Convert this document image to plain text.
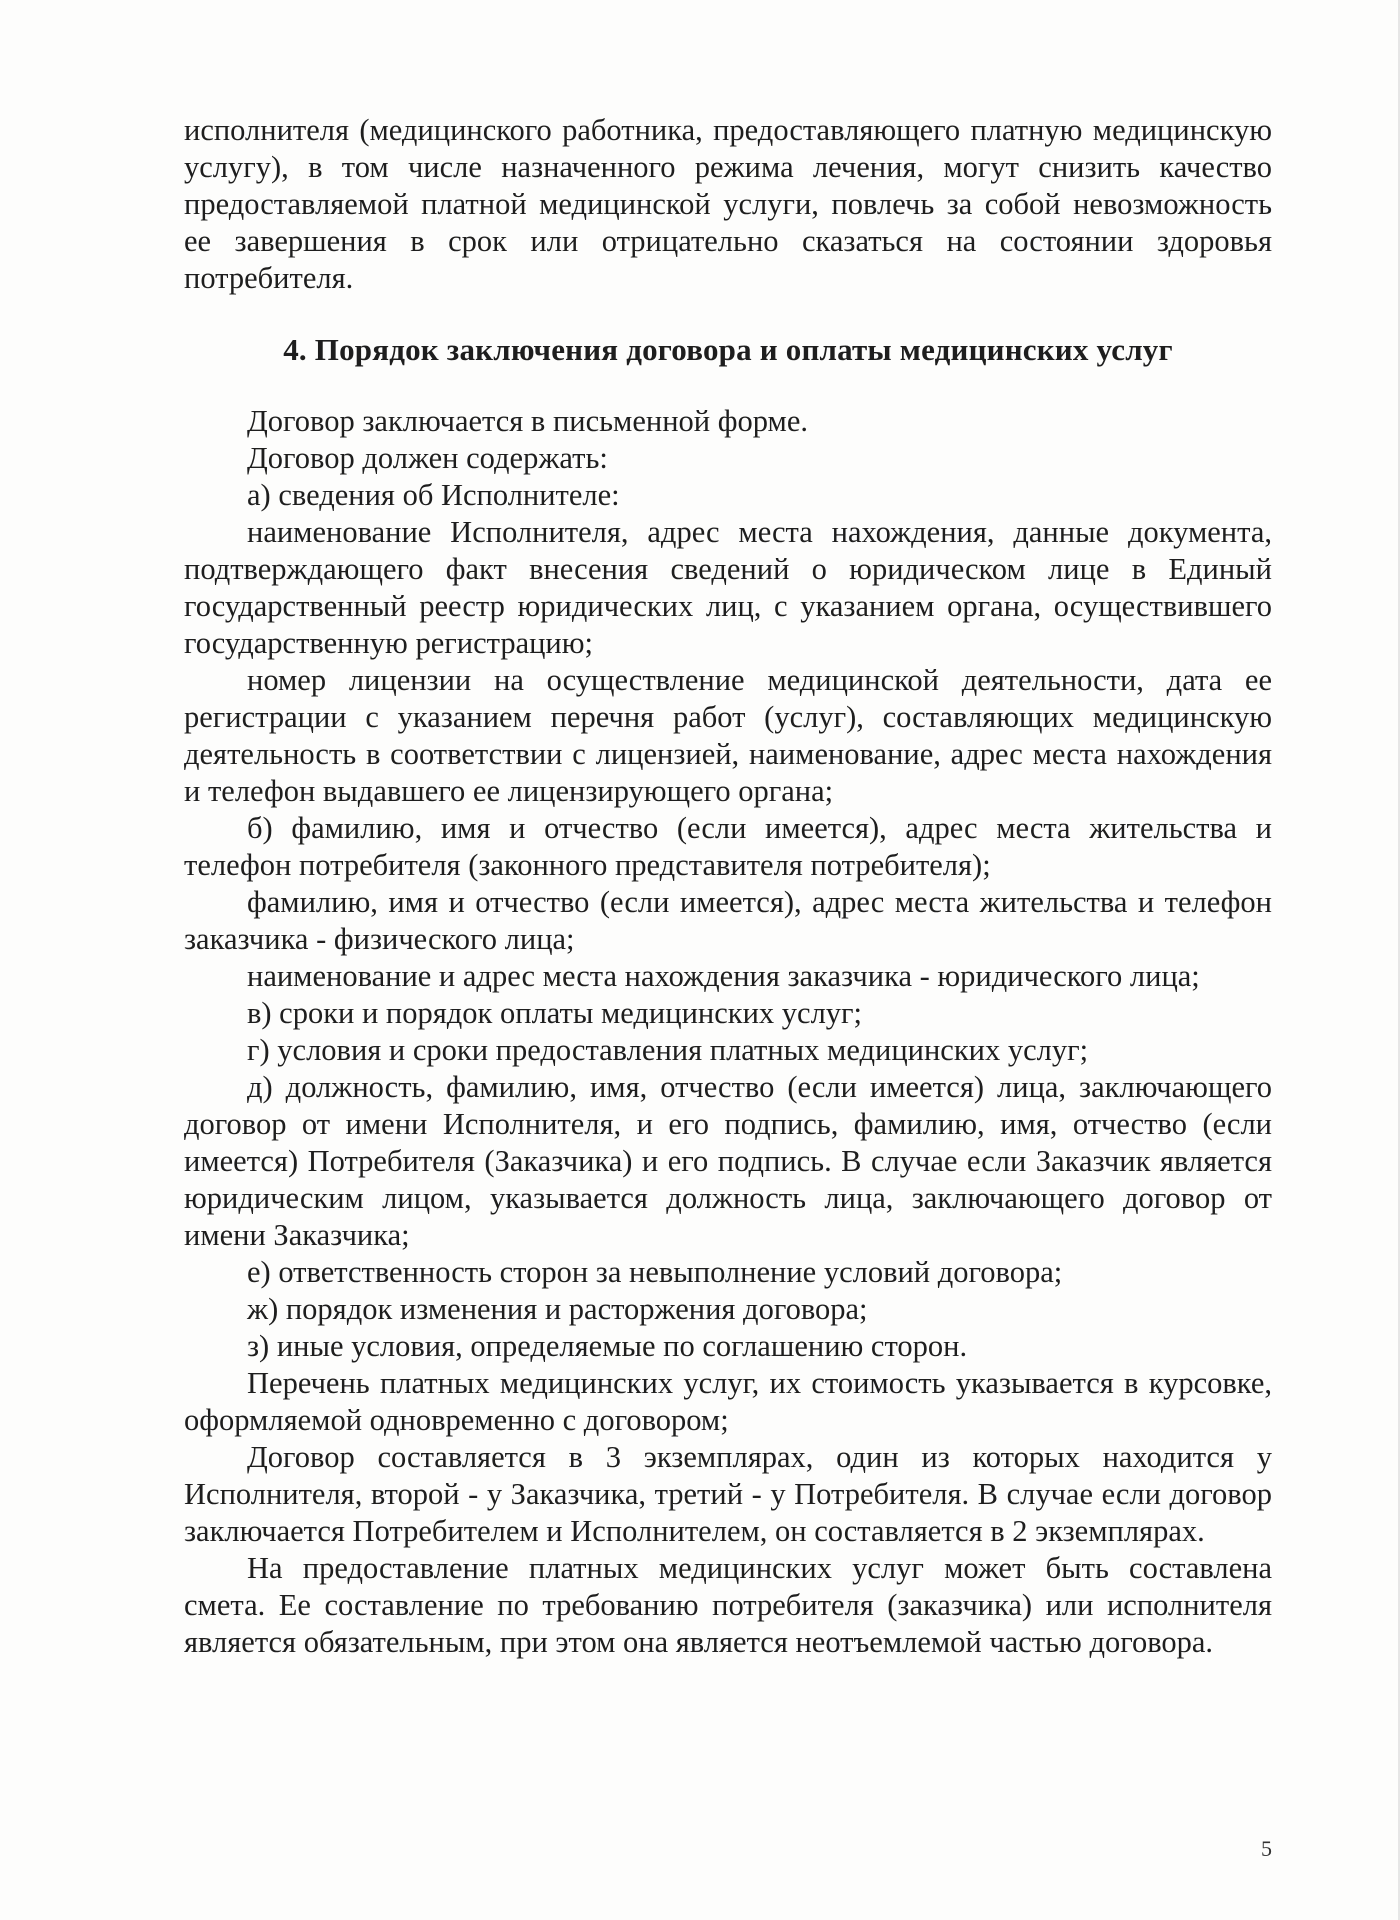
исполнителя (медицинского работника, предоставляющего платную медицинскую услугу), в том числе назначенного режима лечения, могут снизить качество предоставляемой платной медицинской услуги, повлечь за собой невозможность ее завершения в срок или отрицательно сказаться на состоянии здоровья потребителя.

4. Порядок заключения договора и оплаты медицинских услуг

Договор заключается в письменной форме.

Договор должен содержать:

а) сведения об Исполнителе:

наименование Исполнителя, адрес места нахождения, данные документа, подтверждающего факт внесения сведений о юридическом лице в Единый государственный реестр юридических лиц, с указанием органа, осуществившего государственную регистрацию;

номер лицензии на осуществление медицинской деятельности, дата ее регистрации с указанием перечня работ (услуг), составляющих медицинскую деятельность в соответствии с лицензией, наименование, адрес места нахождения и телефон выдавшего ее лицензирующего органа;

б) фамилию, имя и отчество (если имеется), адрес места жительства и телефон потребителя (законного представителя потребителя);

фамилию, имя и отчество (если имеется), адрес места жительства и телефон заказчика - физического лица;

наименование и адрес места нахождения заказчика - юридического лица;

в) сроки и порядок оплаты медицинских услуг;

г) условия и сроки предоставления платных медицинских услуг;

д) должность, фамилию, имя, отчество (если имеется) лица, заключающего договор от имени Исполнителя, и его подпись, фамилию, имя, отчество (если имеется) Потребителя (Заказчика) и его подпись. В случае если Заказчик является юридическим лицом, указывается должность лица, заключающего договор от имени Заказчика;

е) ответственность сторон за невыполнение условий договора;

ж) порядок изменения и расторжения договора;

з) иные условия, определяемые по соглашению сторон.

Перечень платных медицинских услуг, их стоимость указывается в курсовке, оформляемой одновременно с договором;

Договор составляется в 3 экземплярах, один из которых находится у Исполнителя, второй - у Заказчика, третий - у Потребителя. В случае если договор заключается Потребителем и Исполнителем, он составляется в 2 экземплярах.

На предоставление платных медицинских услуг может быть составлена смета. Ее составление по требованию потребителя (заказчика) или исполнителя является обязательным, при этом она является неотъемлемой частью договора.

5
